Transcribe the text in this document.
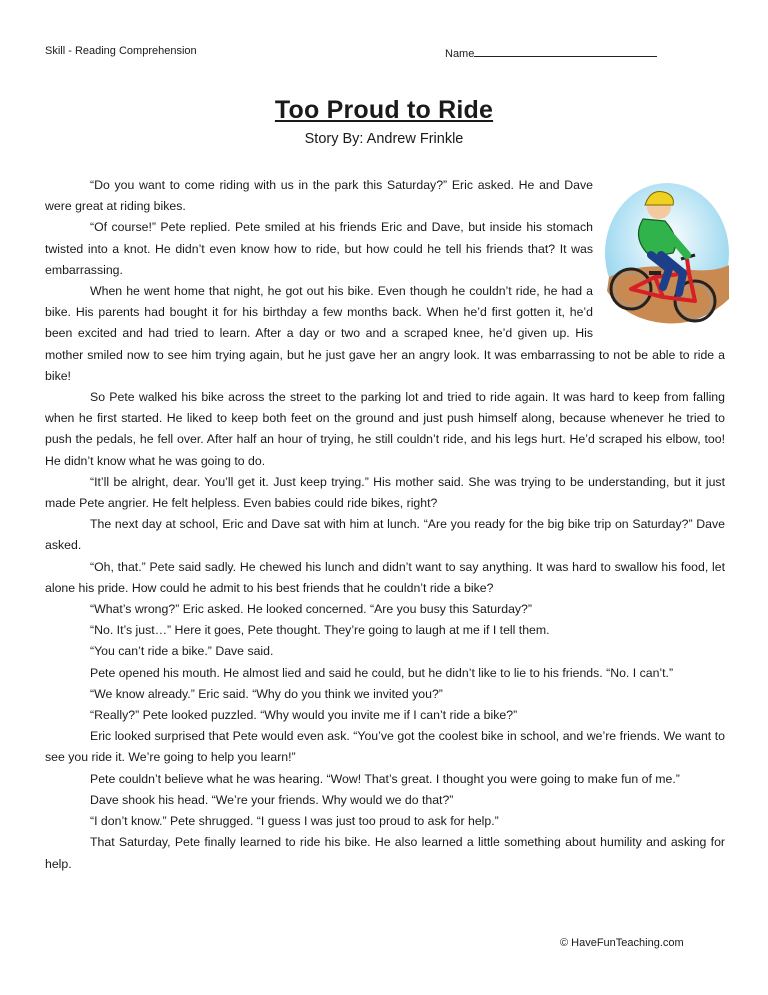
Skill - Reading Comprehension	Name
Too Proud to Ride
Story By: Andrew Frinkle

“Do you want to come riding with us in the park this Saturday?” Eric asked. He and Dave were great at riding bikes.

“Of course!” Pete replied. Pete smiled at his friends Eric and Dave, but inside his stomach twisted into a knot. He didn’t even know how to ride, but how could he tell his friends that? It was embarrassing.

When he went home that night, he got out his bike. Even though he couldn’t ride, he had a bike. His parents had bought it for his birthday a few months back. When he’d first gotten it, he’d been excited and had tried to learn. After a day or two and a scraped knee, he’d given up. His mother smiled now to see him trying again, but he just gave her an angry look. It was embarrassing to not be able to ride a bike!

So Pete walked his bike across the street to the parking lot and tried to ride again. It was hard to keep from falling when he first started. He liked to keep both feet on the ground and just push himself along, because whenever he tried to push the pedals, he fell over. After half an hour of trying, he still couldn’t ride, and his legs hurt. He’d scraped his elbow, too! He didn’t know what he was going to do.

“It’ll be alright, dear. You’ll get it. Just keep trying.” His mother said. She was trying to be understanding, but it just made Pete angrier. He felt helpless. Even babies could ride bikes, right?

The next day at school, Eric and Dave sat with him at lunch. “Are you ready for the big bike trip on Saturday?” Dave asked.

“Oh, that.” Pete said sadly. He chewed his lunch and didn’t want to say anything. It was hard to swallow his food, let alone his pride. How could he admit to his best friends that he couldn’t ride a bike?

“What’s wrong?” Eric asked. He looked concerned. “Are you busy this Saturday?”

“No. It’s just…” Here it goes, Pete thought. They’re going to laugh at me if I tell them.

“You can’t ride a bike.” Dave said.

Pete opened his mouth. He almost lied and said he could, but he didn’t like to lie to his friends. “No. I can’t.”

“We know already.” Eric said. “Why do you think we invited you?”

“Really?” Pete looked puzzled. “Why would you invite me if I can’t ride a bike?”

Eric looked surprised that Pete would even ask. “You’ve got the coolest bike in school, and we’re friends. We want to see you ride it. We’re going to help you learn!”

Pete couldn’t believe what he was hearing. “Wow! That’s great. I thought you were going to make fun of me.”

Dave shook his head. “We’re your friends. Why would we do that?”

“I don’t know.” Pete shrugged. “I guess I was just too proud to ask for help.”

That Saturday, Pete finally learned to ride his bike. He also learned a little something about humility and asking for help.

© HaveFunTeaching.com
